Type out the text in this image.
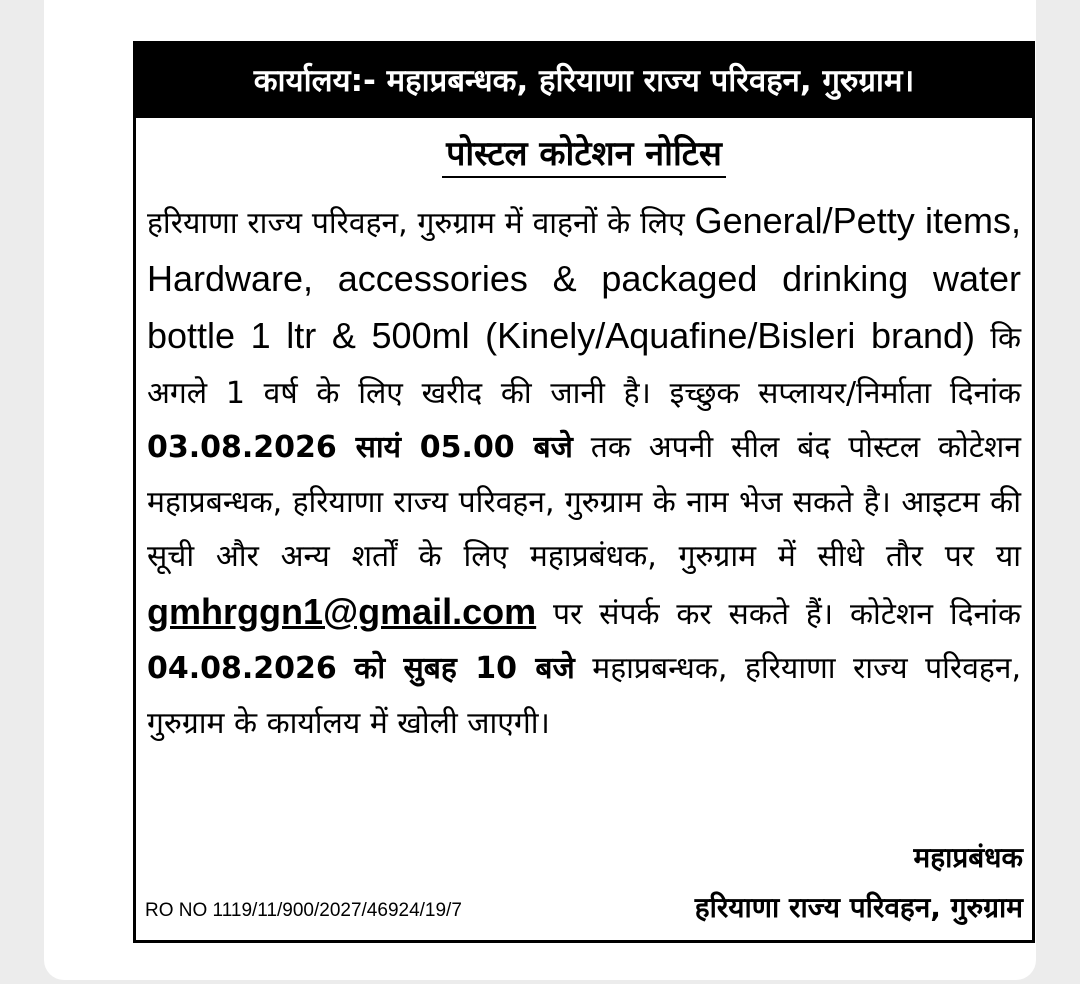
कार्यालय:- महाप्रबन्धक, हरियाणा राज्य परिवहन, गुरुग्राम।
पोस्टल कोटेशन नोटिस
हरियाणा राज्य परिवहन, गुरुग्राम में वाहनों के लिए General/Petty items, Hardware, accessories & packaged drinking water bottle 1 ltr & 500ml (Kinely/Aquafine/Bisleri brand) कि अगले 1 वर्ष के लिए खरीद की जानी है। इच्छुक सप्लायर/निर्माता दिनांक 03.08.2026 सायं 05.00 बजे तक अपनी सील बंद पोस्टल कोटेशन महाप्रबन्धक, हरियाणा राज्य परिवहन, गुरुग्राम के नाम भेज सकते है। आइटम की सूची और अन्य शर्तों के लिए महाप्रबंधक, गुरुग्राम में सीधे तौर पर या gmhrggn1@gmail.com पर संपर्क कर सकते हैं। कोटेशन दिनांक 04.08.2026 को सुबह 10 बजे महाप्रबन्धक, हरियाणा राज्य परिवहन, गुरुग्राम के कार्यालय में खोली जाएगी।
महाप्रबंधक
RO NO 1119/11/900/2027/46924/19/7	हरियाणा राज्य परिवहन, गुरुग्राम
